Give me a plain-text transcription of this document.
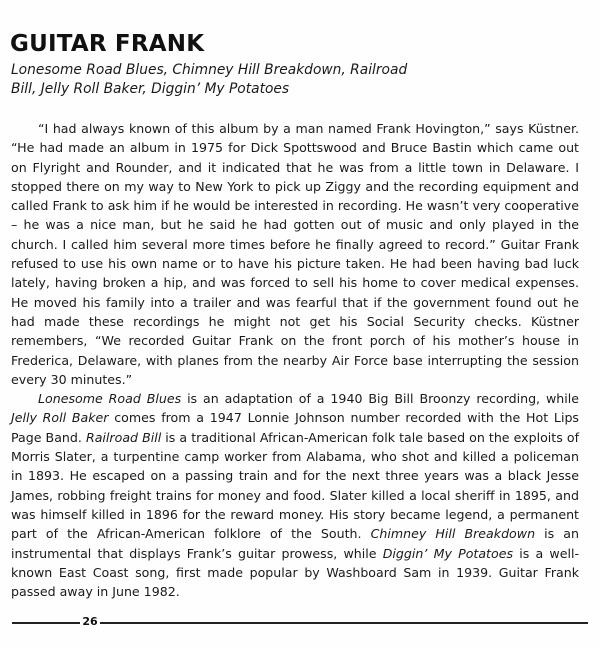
GUITAR FRANK

Lonesome Road Blues, Chimney Hill Breakdown, Railroad Bill, Jelly Roll Baker, Diggin’ My Potatoes

“I had always known of this album by a man named Frank Hovington,” says Küstner. “He had made an album in 1975 for Dick Spottswood and Bruce Bastin which came out on Flyright and Rounder, and it indicated that he was from a little town in Delaware. I stopped there on my way to New York to pick up Ziggy and the recording equipment and called Frank to ask him if he would be interested in recording. He wasn’t very cooperative – he was a nice man, but he said he had gotten out of music and only played in the church. I called him several more times before he finally agreed to record.” Guitar Frank refused to use his own name or to have his picture taken. He had been having bad luck lately, having broken a hip, and was forced to sell his home to cover medical expenses. He moved his family into a trailer and was fearful that if the government found out he had made these recordings he might not get his Social Security checks. Küstner remembers, “We recorded Guitar Frank on the front porch of his mother’s house in Frederica, Delaware, with planes from the nearby Air Force base interrupting the session every 30 minutes.”

Lonesome Road Blues is an adaptation of a 1940 Big Bill Broonzy recording, while Jelly Roll Baker comes from a 1947 Lonnie Johnson number recorded with the Hot Lips Page Band. Railroad Bill is a traditional African-American folk tale based on the exploits of Morris Slater, a turpentine camp worker from Alabama, who shot and killed a policeman in 1893. He escaped on a passing train and for the next three years was a black Jesse James, robbing freight trains for money and food. Slater killed a local sheriff in 1895, and was himself killed in 1896 for the reward money. His story became legend, a permanent part of the African-American folklore of the South. Chimney Hill Breakdown is an instrumental that displays Frank’s guitar prowess, while Diggin’ My Potatoes is a well-known East Coast song, first made popular by Washboard Sam in 1939. Guitar Frank passed away in June 1982.

26
